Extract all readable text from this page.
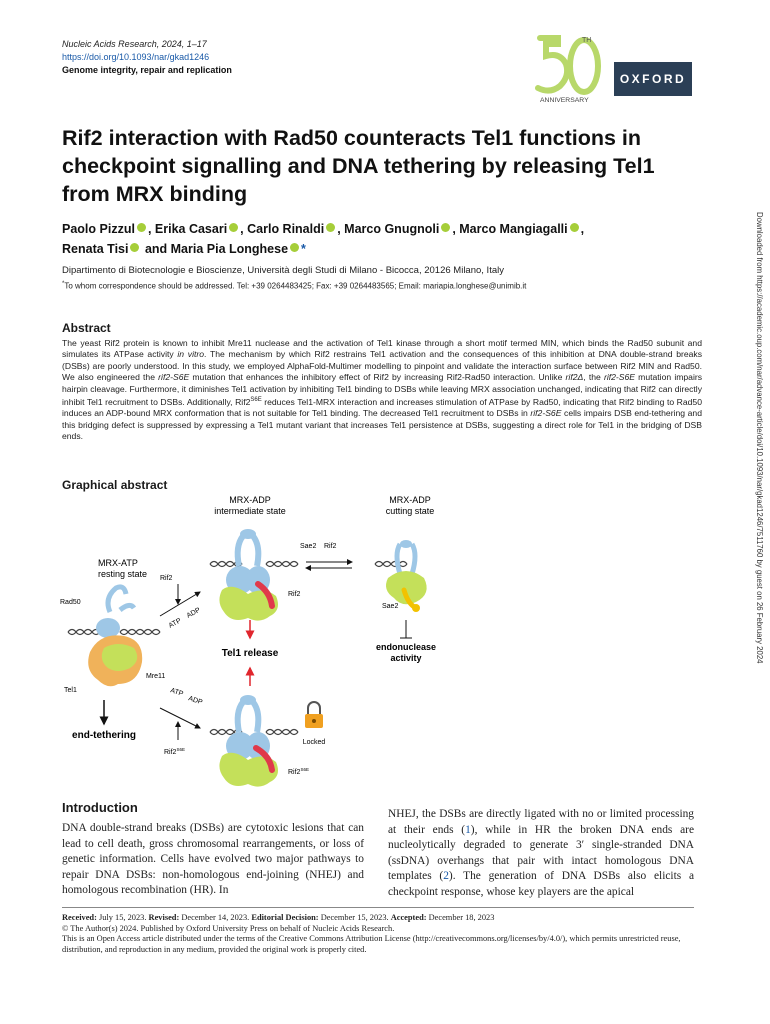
Nucleic Acids Research, 2024, 1–17
https://doi.org/10.1093/nar/gkad1246
Genome integrity, repair and replication
TH
ANNIVERSARY
OXFORD
Rif2 interaction with Rad50 counteracts Tel1 functions in checkpoint signalling and DNA tethering by releasing Tel1 from MRX binding
Paolo Pizzul , Erika Casari , Carlo Rinaldi , Marco Gnugnoli , Marco Mangiagalli ,
Renata Tisi and Maria Pia Longhese *
Dipartimento di Biotecnologie e Bioscienze, Università degli Studi di Milano - Bicocca, 20126 Milano, Italy
*To whom correspondence should be addressed. Tel: +39 0264483425; Fax: +39 0264483565; Email: mariapia.longhese@unimib.it
Abstract

The yeast Rif2 protein is known to inhibit Mre11 nuclease and the activation of Tel1 kinase through a short motif termed MIN, which binds the Rad50 subunit and simulates its ATPase activity in vitro. The mechanism by which Rif2 restrains Tel1 activation and the consequences of this inhibition at DNA double-strand breaks (DSBs) are poorly understood. In this study, we employed AlphaFold-Multimer modelling to pinpoint and validate the interaction surface between Rif2 MIN and Rad50. We also engineered the rif2-S6E mutation that enhances the inhibitory effect of Rif2 by increasing Rif2-Rad50 interaction. Unlike rif2Δ, the rif2-S6E mutation impairs hairpin cleavage. Furthermore, it diminishes Tel1 activation by inhibiting Tel1 binding to DSBs while leaving MRX association unchanged, indicating that Rif2 can directly inhibit Tel1 recruitment to DSBs. Additionally, $Rif2^{S6E}$ reduces Tel1-MRX interaction and increases stimulation of ATPase by Rad50, indicating that Rif2 binding to Rad50 induces an ADP-bound MRX conformation that is not suitable for Tel1 binding. The decreased Tel1 recruitment to DSBs in rif2-S6E cells impairs DSB end-tethering and this bridging defect is suppressed by expressing a Tel1 mutant variant that increases Tel1 persistence at DSBs, suggesting a direct role for Tel1 in the bridging of DSB ends.

Graphical abstract
MRX-ADP intermediate state
MRX-ADP cutting state
Sae2 Rif2
Sae2
MRX-ATP resting state
Rad50
Rif2
ATP
ADP
Rif2
Tel1 release
endonuclease
activity
Mre11
Tel1
end-tethering
ATP
ADP
$Rif2^{S6E}$
$Rif2^{S6E}$
Locked
Introduction

DNA double-strand breaks (DSBs) are cytotoxic lesions that can lead to cell death, gross chromosomal rearrangements, or loss of genetic information. Cells have evolved two major pathways to repair DNA DSBs: non-homologous end-joining (NHEJ) and homologous recombination (HR). In

NHEJ, the DSBs are directly ligated with no or limited processing at their ends (1), while in HR the broken DNA ends are nucleolytically degraded to generate 3′ single-stranded DNA (ssDNA) overhangs that pair with intact homologous DNA templates (2). The generation of DNA DSBs also elicits a checkpoint response, whose key players are the apical

Received: July 15, 2023. Revised: December 14, 2023. Editorial Decision: December 15, 2023. Accepted: December 18, 2023
© The Author(s) 2024. Published by Oxford University Press on behalf of Nucleic Acids Research.
This is an Open Access article distributed under the terms of the Creative Commons Attribution License (http://creativecommons.org/licenses/by/4.0/), which permits unrestricted reuse, distribution, and reproduction in any medium, provided the original work is properly cited.
Downloaded from https://academic.oup.com/nar/advance-article/doi/10.1093/nar/gkad1246/7511760 by guest on 26 February 2024
